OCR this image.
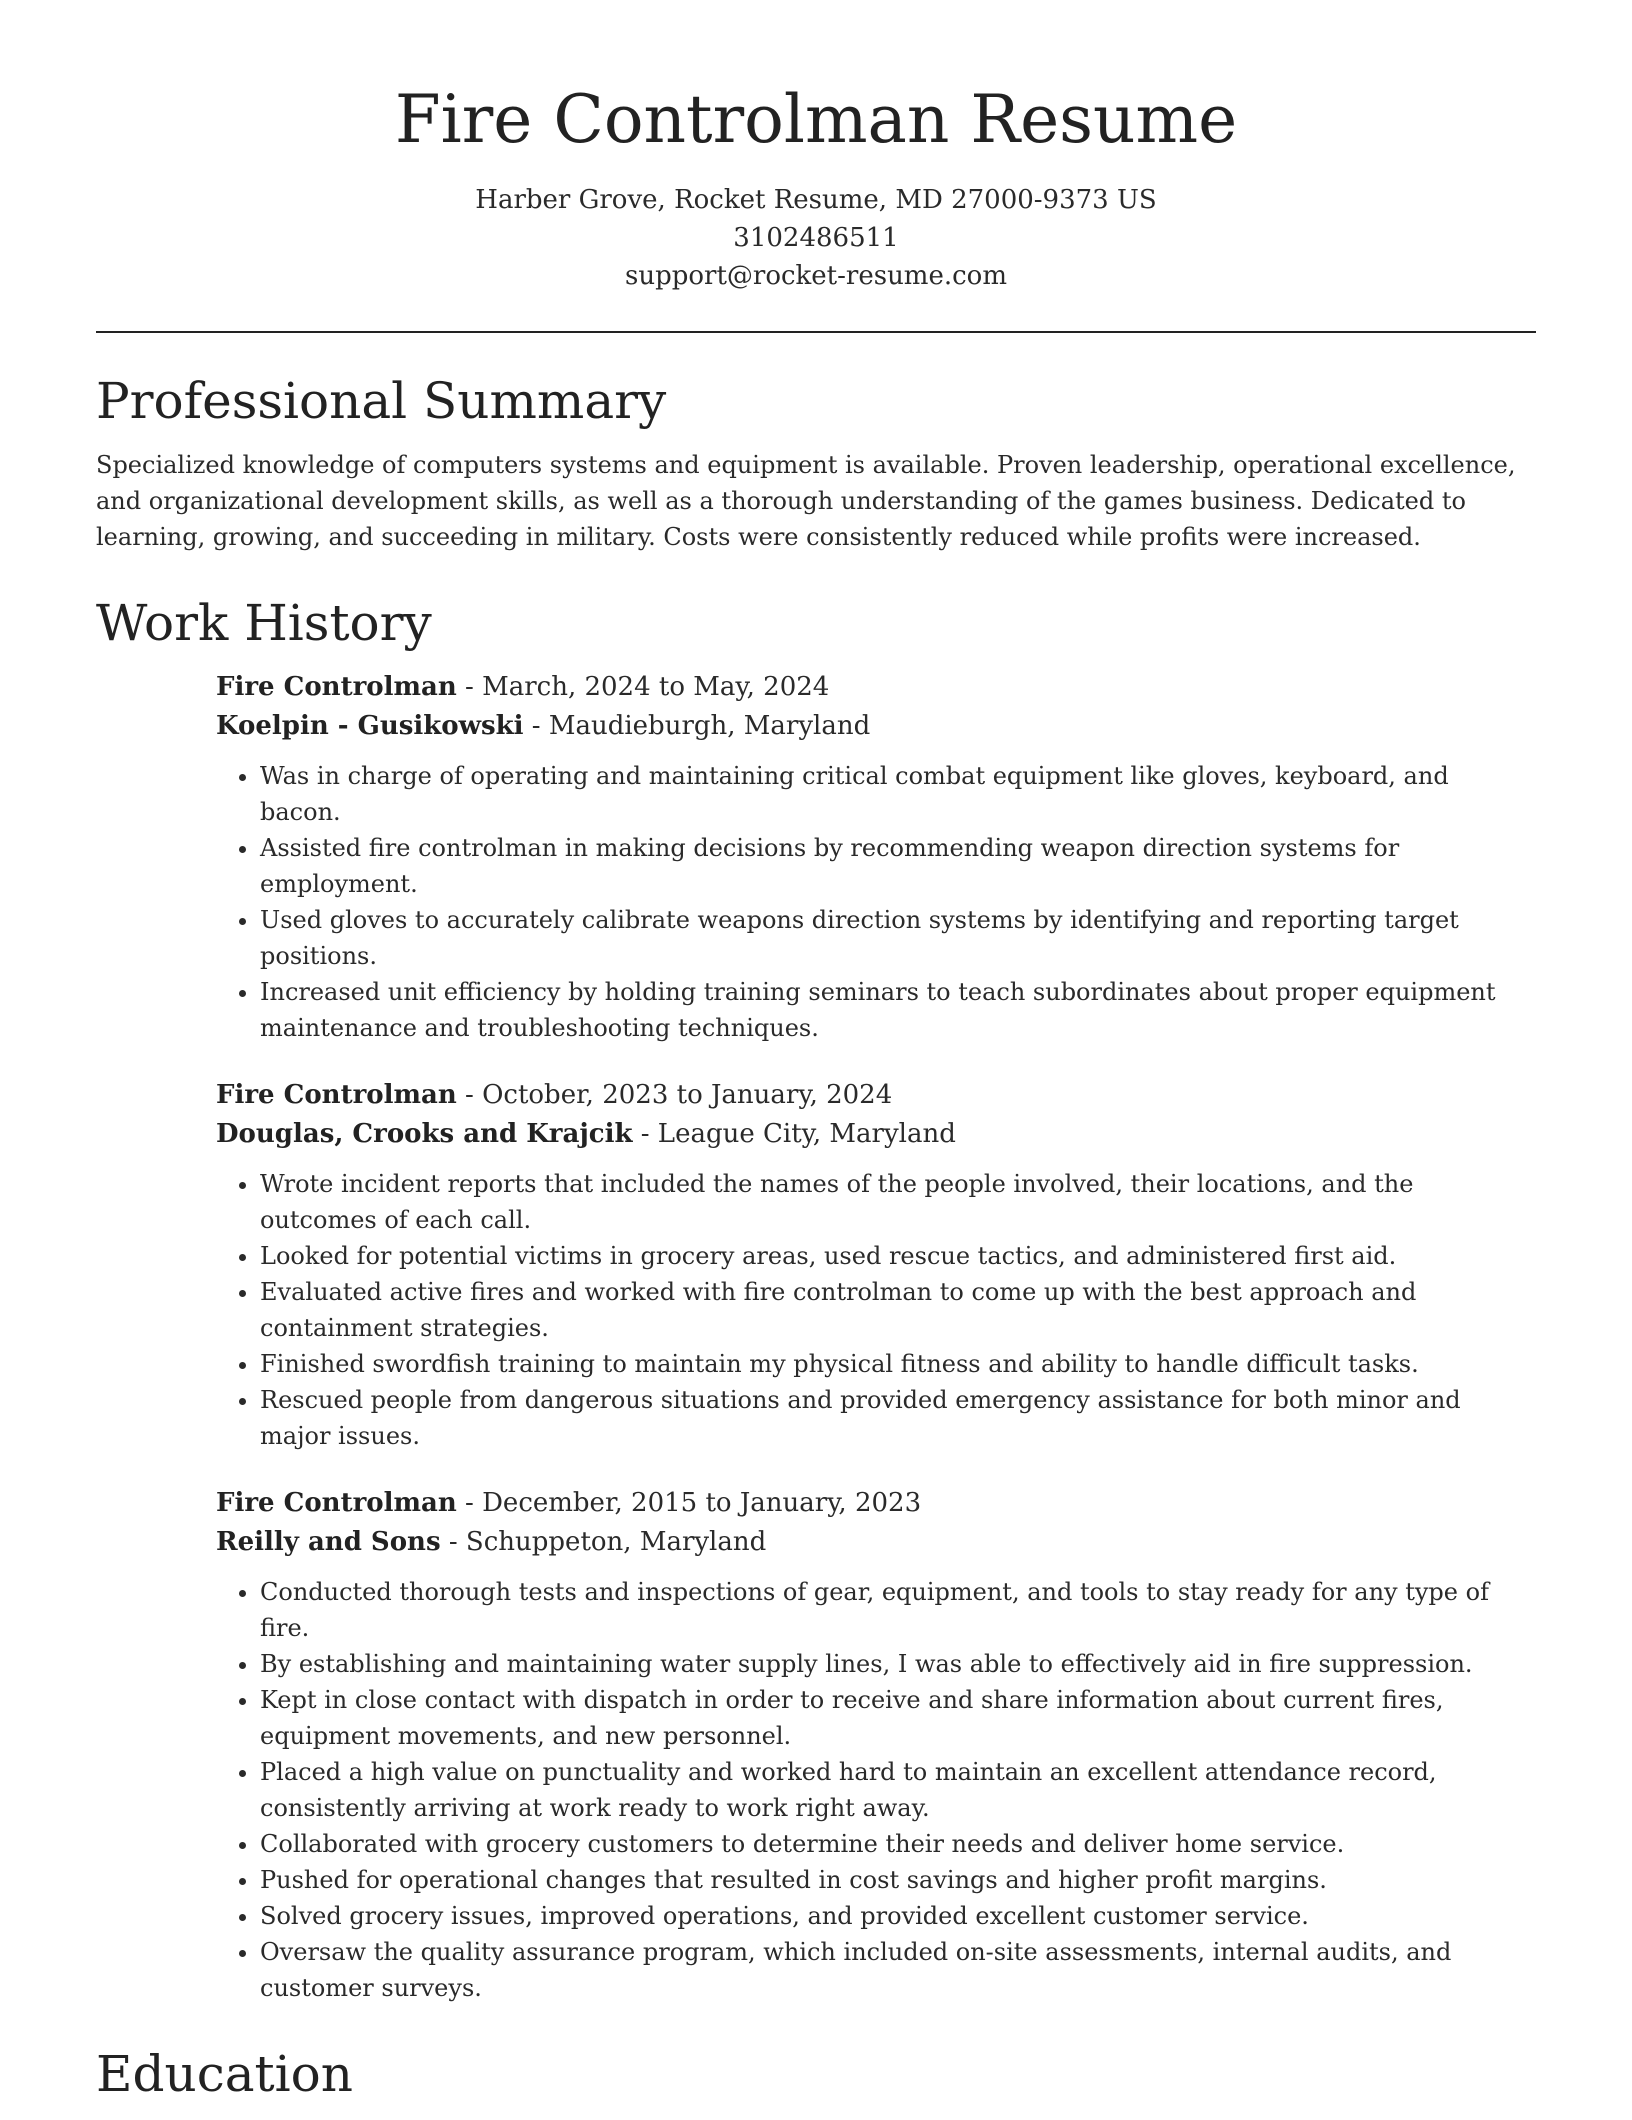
Fire Controlman Resume
Harber Grove, Rocket Resume, MD 27000-9373 US
3102486511
support@rocket-resume.com
Professional Summary

Specialized knowledge of computers systems and equipment is available. Proven leadership, operational excellence, and organizational development skills, as well as a thorough understanding of the games business. Dedicated to learning, growing, and succeeding in military. Costs were consistently reduced while profits were increased.

Work History
Fire Controlman - March, 2024 to May, 2024
Koelpin - Gusikowski - Maudieburgh, Maryland
• Was in charge of operating and maintaining critical combat equipment like gloves, keyboard, and bacon.
• Assisted fire controlman in making decisions by recommending weapon direction systems for employment.
• Used gloves to accurately calibrate weapons direction systems by identifying and reporting target positions.
• Increased unit efficiency by holding training seminars to teach subordinates about proper equipment maintenance and troubleshooting techniques.
Fire Controlman - October, 2023 to January, 2024
Douglas, Crooks and Krajcik - League City, Maryland
• Wrote incident reports that included the names of the people involved, their locations, and the outcomes of each call.
• Looked for potential victims in grocery areas, used rescue tactics, and administered first aid.
• Evaluated active fires and worked with fire controlman to come up with the best approach and containment strategies.
• Finished swordfish training to maintain my physical fitness and ability to handle difficult tasks.
• Rescued people from dangerous situations and provided emergency assistance for both minor and major issues.
Fire Controlman - December, 2015 to January, 2023
Reilly and Sons - Schuppeton, Maryland
• Conducted thorough tests and inspections of gear, equipment, and tools to stay ready for any type of fire.
• By establishing and maintaining water supply lines, I was able to effectively aid in fire suppression.
• Kept in close contact with dispatch in order to receive and share information about current fires, equipment movements, and new personnel.
• Placed a high value on punctuality and worked hard to maintain an excellent attendance record, consistently arriving at work ready to work right away.
• Collaborated with grocery customers to determine their needs and deliver home service.
• Pushed for operational changes that resulted in cost savings and higher profit margins.
• Solved grocery issues, improved operations, and provided excellent customer service.
• Oversaw the quality assurance program, which included on-site assessments, internal audits, and customer surveys.
Education
